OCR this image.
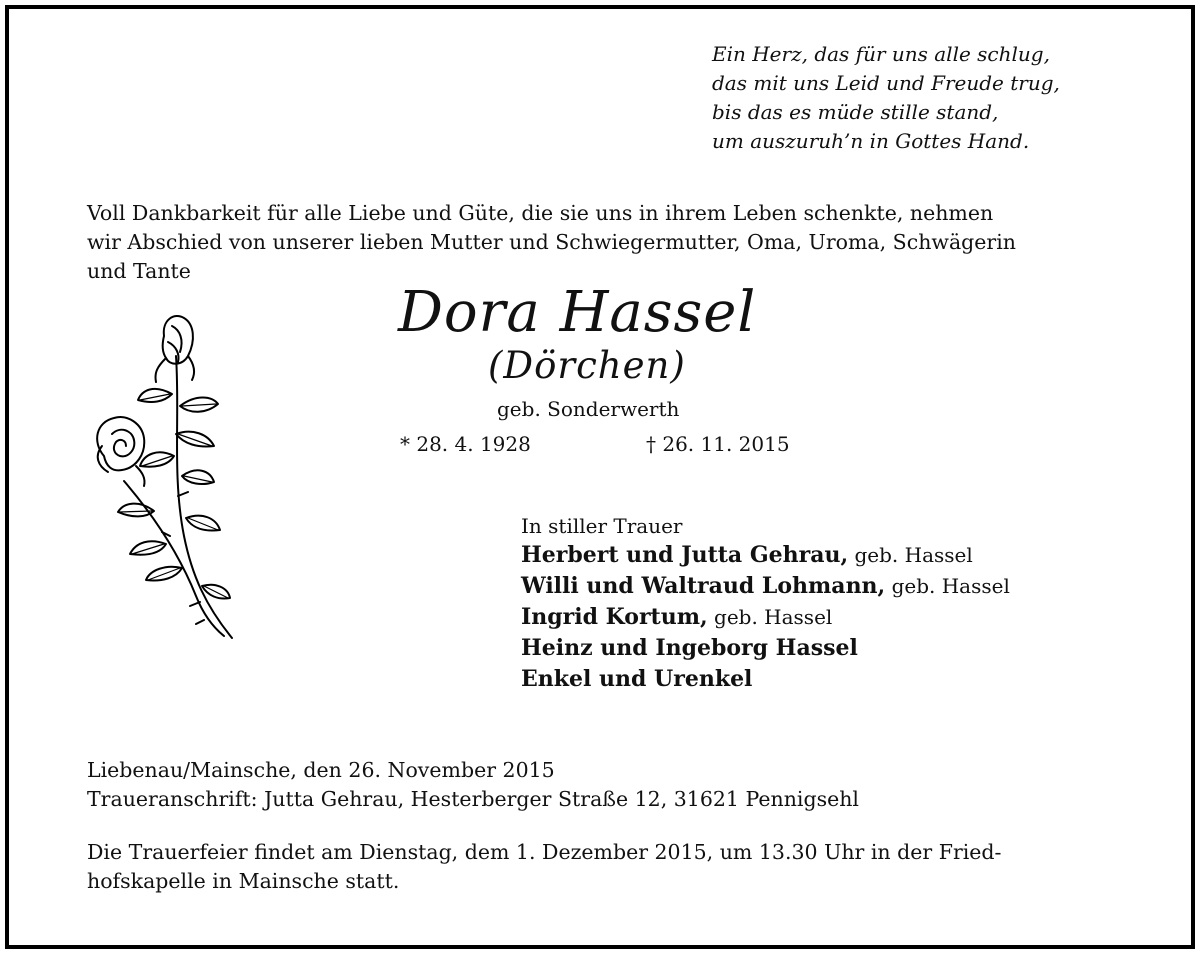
Ein Herz, das für uns alle schlug,
das mit uns Leid und Freude trug,
bis das es müde stille stand,
um auszuruh’n in Gottes Hand.
Voll Dankbarkeit für alle Liebe und Güte, die sie uns in ihrem Leben schenkte, nehmen
wir Abschied von unserer lieben Mutter und Schwiegermutter, Oma, Uroma, Schwägerin
und Tante
Dora Hassel
(Dörchen)
geb. Sonderwerth
* 28. 4. 1928	† 26. 11. 2015
In stiller Trauer
Herbert und Jutta Gehrau, geb. Hassel
Willi und Waltraud Lohmann, geb. Hassel
Ingrid Kortum, geb. Hassel
Heinz und Ingeborg Hassel
Enkel und Urenkel
Liebenau/Mainsche, den 26. November 2015
Traueranschrift: Jutta Gehrau, Hesterberger Straße 12, 31621 Pennigsehl
Die Trauerfeier findet am Dienstag, dem 1. Dezember 2015, um 13.30 Uhr in der Fried-
hofskapelle in Mainsche statt.
